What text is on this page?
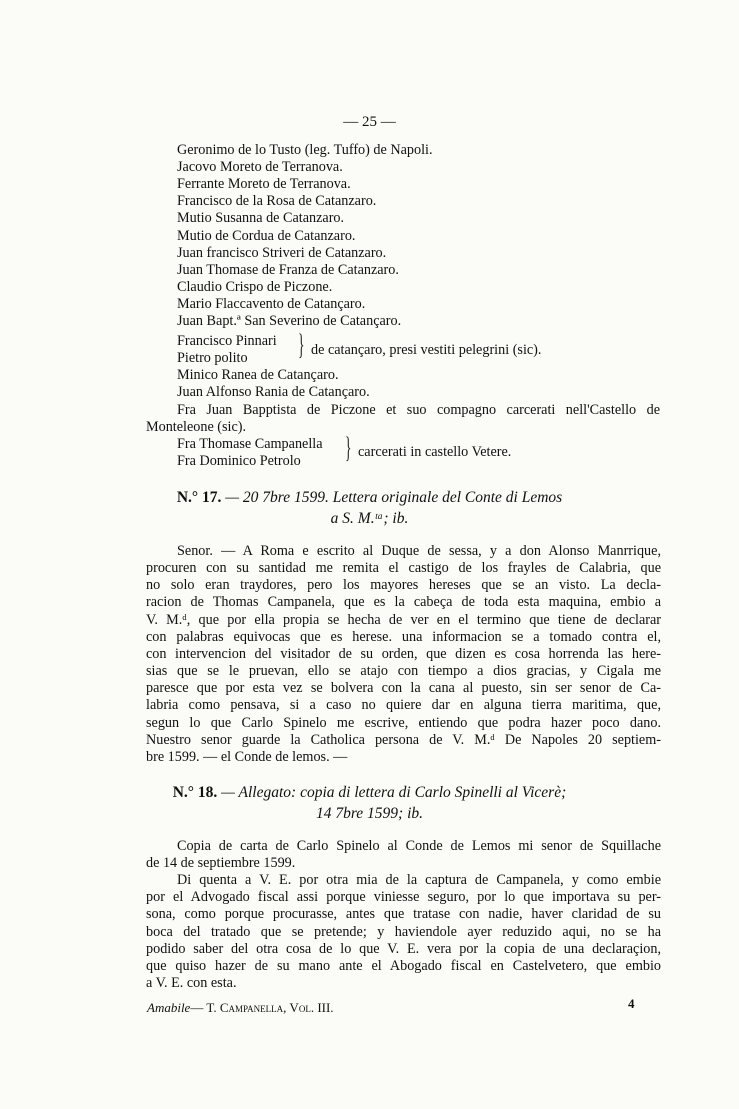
— 25 —
Geronimo de lo Tusto (leg. Tuffo) de Napoli.
Jacovo Moreto de Terranova.
Ferrante Moreto de Terranova.
Francisco de la Rosa de Catanzaro.
Mutio Susanna de Catanzaro.
Mutio de Cordua de Catanzaro.
Juan francisco Striveri de Catanzaro.
Juan Thomase de Franza de Catanzaro.
Claudio Crispo de Piczone.
Mario Flaccavento de Catançaro.
Juan Bapt.ª San Severino de Catançaro.
Francisco Pinnari
Pietro polito } de catançaro, presi vestiti pelegrini (sic).
Minico Ranea de Catançaro.
Juan Alfonso Rania de Catançaro.
Fra Juan Bapptista de Piczone et suo compagno carcerati nell'Castello de
Monteleone (sic).
Fra Thomase Campanella
Fra Dominico Petrolo } carcerati in castello Vetere.
N.° 17. — 20 7bre 1599. Lettera originale del Conte di Lemos
a S. M.ᵗᵃ; ib.
Senor. — A Roma e escrito al Duque de sessa, y a don Alonso Manrrique,
procuren con su santidad me remita el castigo de los frayles de Calabria, que
no solo eran traydores, pero los mayores hereses que se an visto. La decla-
racion de Thomas Campanela, que es la cabeça de toda esta maquina, embio a
V. M.ᵈ, que por ella propia se hecha de ver en el termino que tiene de declarar
con palabras equivocas que es herese. una informacion se a tomado contra el,
con intervencion del visitador de su orden, que dizen es cosa horrenda las here-
sias que se le pruevan, ello se atajo con tiempo a dios gracias, y Cigala me
paresce que por esta vez se bolvera con la cana al puesto, sin ser senor de Ca-
labria como pensava, si a caso no quiere dar en alguna tierra maritima, que,
segun lo que Carlo Spinelo me escrive, entiendo que podra hazer poco dano.
Nuestro senor guarde la Catholica persona de V. M.ᵈ De Napoles 20 septiem-
bre 1599. — el Conde de lemos. —
N.° 18. — Allegato: copia di lettera di Carlo Spinelli al Vicerè;
14 7bre 1599; ib.
Copia de carta de Carlo Spinelo al Conde de Lemos mi senor de Squillache
de 14 de septiembre 1599.
Di quenta a V. E. por otra mia de la captura de Campanela, y como embie
por el Advogado fiscal assi porque viniesse seguro, por lo que importava su per-
sona, como porque procurasse, antes que tratase con nadie, haver claridad de su
boca del tratado que se pretende; y haviendole ayer reduzido aqui, no se ha
podido saber del otra cosa de lo que V. E. vera por la copia de una declaraçion,
que quiso hazer de su mano ante el Abogado fiscal en Castelvetero, que embio
a V. E. con esta.
Amabile— T. Campanella, Vol. III.	4
